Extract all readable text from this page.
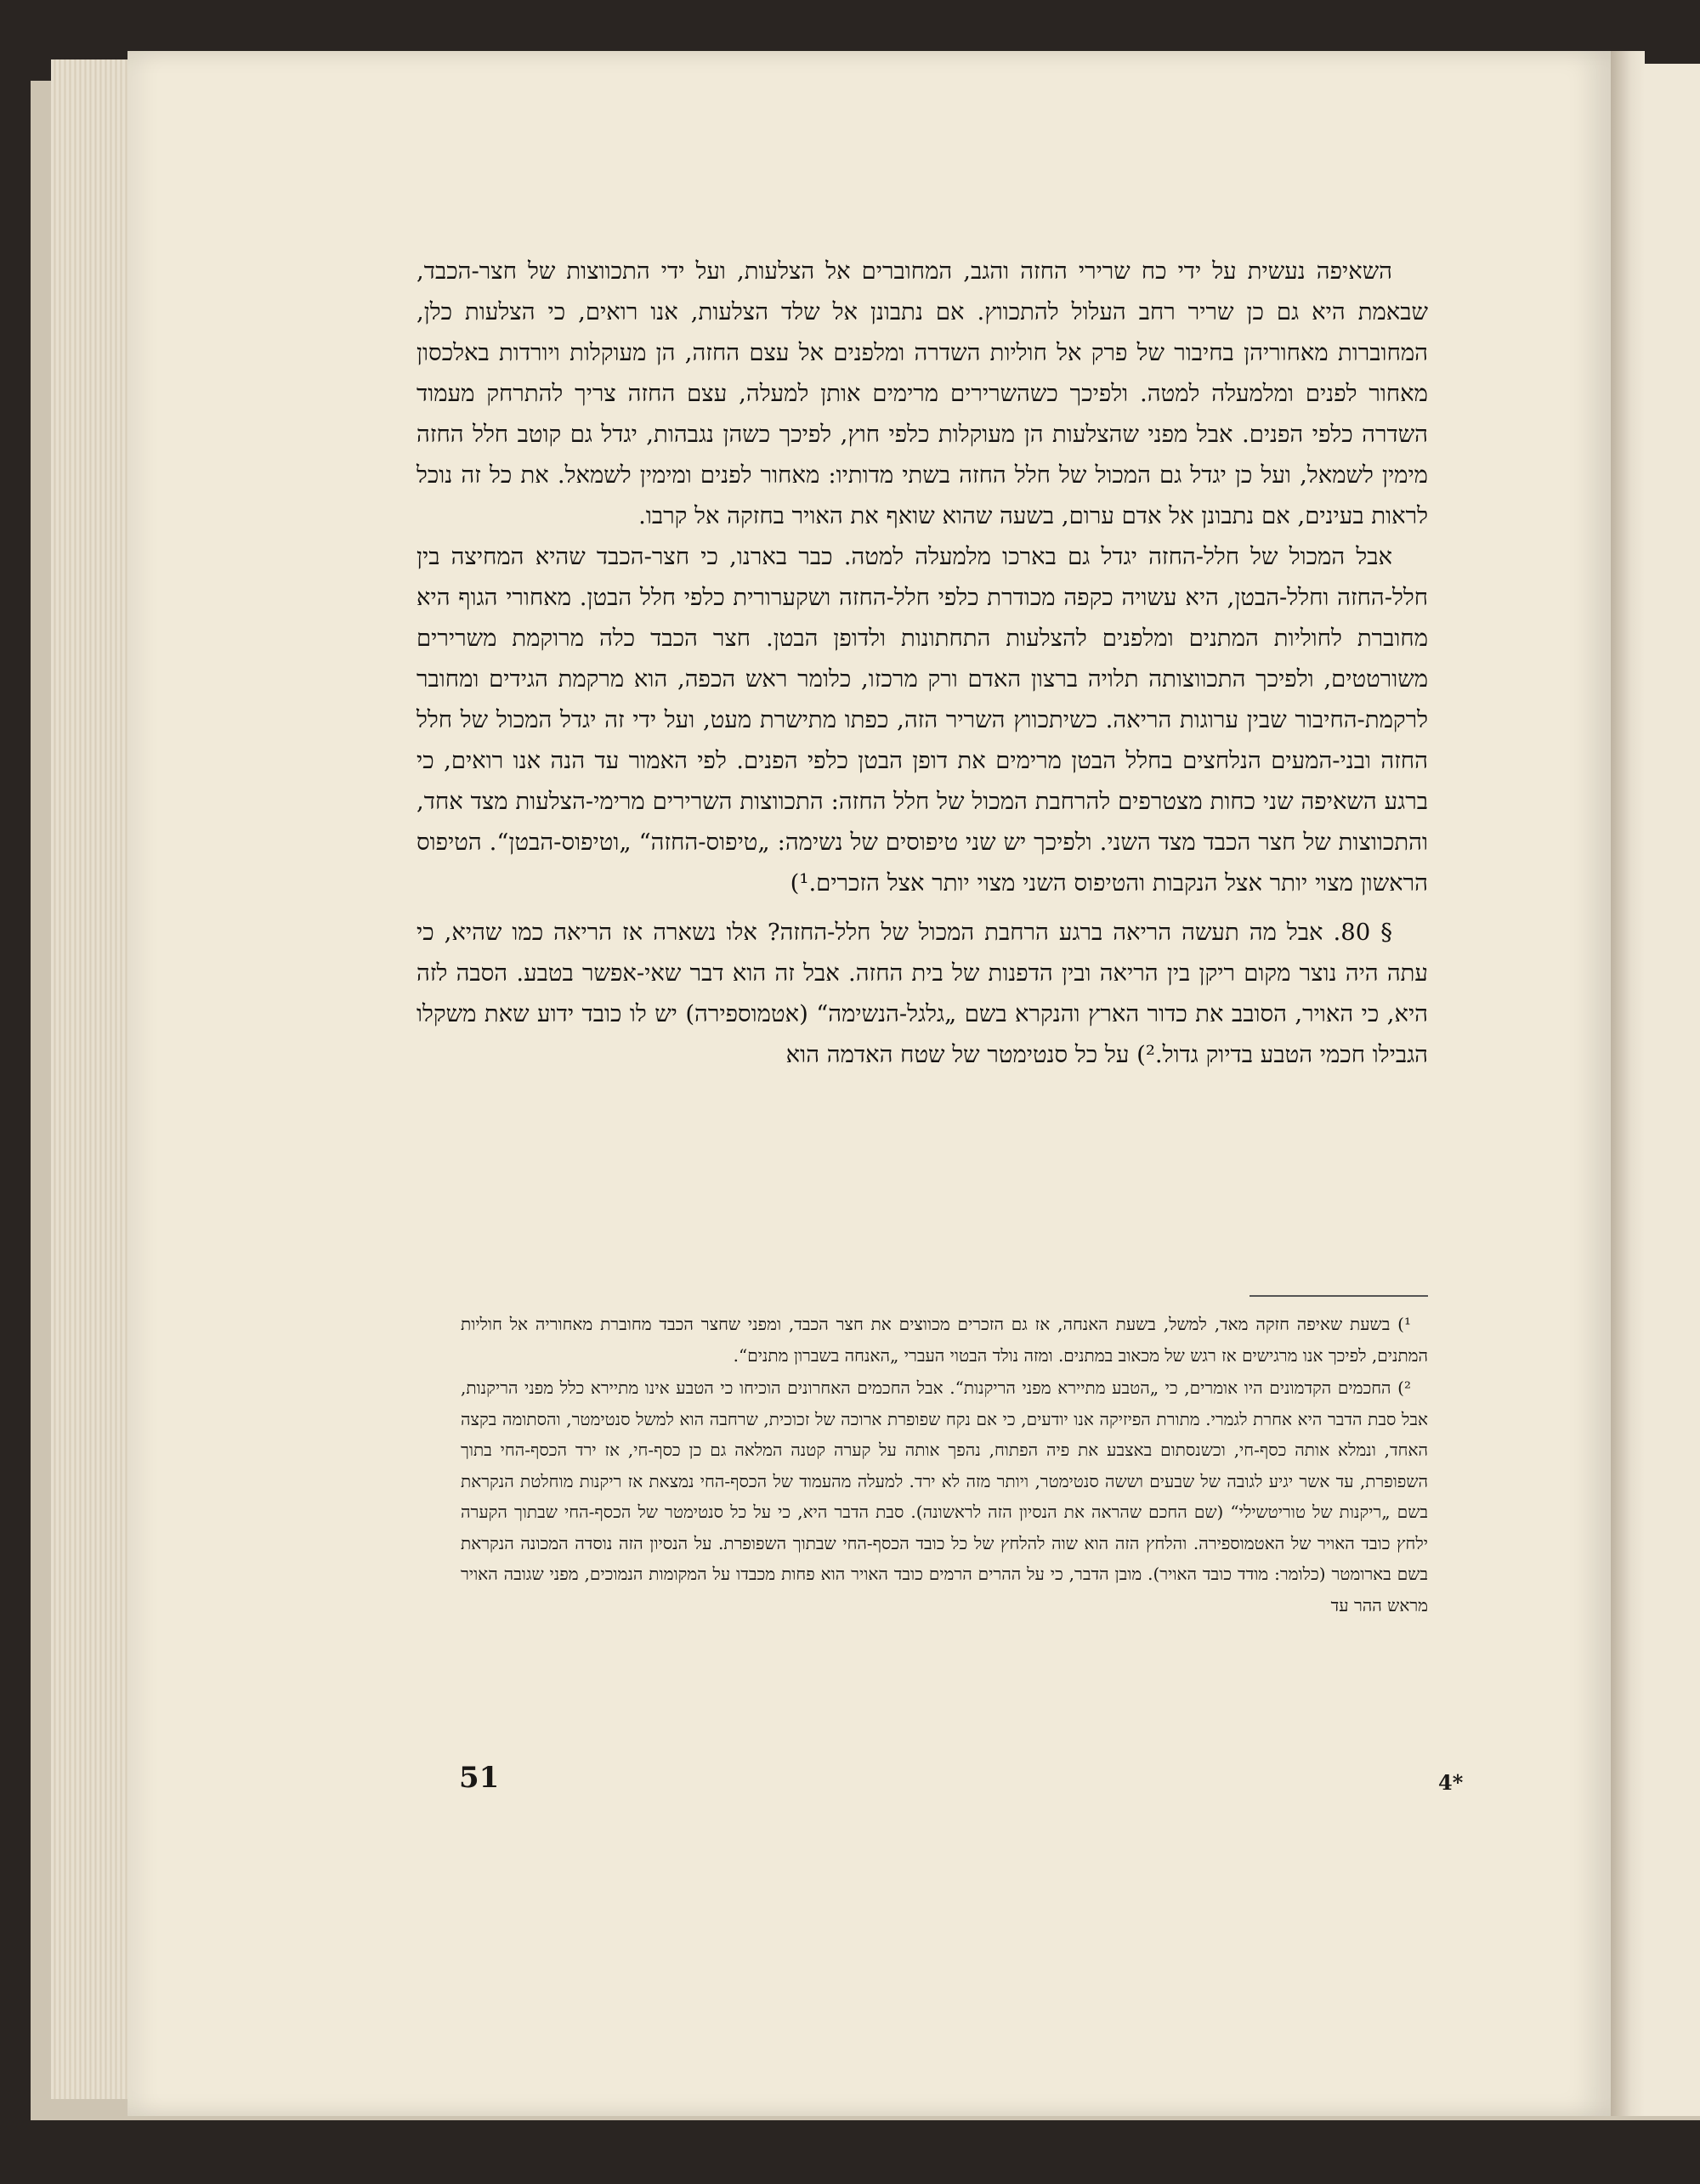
השאיפה נעשית על ידי כח שרירי החזה והגב, המחוברים אל הצלעות, ועל ידי התכווצות של חצר-הכבד, שבאמת היא גם כן שריר רחב העלול להתכווץ. אם נתבונן אל שלד הצלעות, אנו רואים, כי הצלעות כלן, המחוברות מאחוריהן בחיבור של פרק אל חוליות השדרה ומלפנים אל עצם החזה, הן מעוקלות ויורדות באלכסון מאחור לפנים ומלמעלה למטה. ולפיכך כשהשרירים מרימים אותן למעלה, עצם החזה צריך להתרחק מעמוד השדרה כלפי הפנים. אבל מפני שהצלעות הן מעוקלות כלפי חוץ, לפיכך כשהן נגבהות, יגדל גם קוטב חלל החזה מימין לשמאל, ועל כן יגדל גם המכול של חלל החזה בשתי מדותיו: מאחור לפנים ומימין לשמאל. את כל זה נוכל לראות בעינים, אם נתבונן אל אדם ערום, בשעה שהוא שואף את האויר בחזקה אל קרבו.

אבל המכול של חלל-החזה יגדל גם בארכו מלמעלה למטה. כבר בארנו, כי חצר-הכבד שהיא המחיצה בין חלל-החזה וחלל-הבטן, היא עשויה כקפה מכודרת כלפי חלל-החזה ושקערורית כלפי חלל הבטן. מאחורי הגוף היא מחוברת לחוליות המתנים ומלפנים להצלעות התחתונות ולדופן הבטן. חצר הכבד כלה מרוקמת משרירים משורטטים, ולפיכך התכווצותה תלויה ברצון האדם ורק מרכזו, כלומר ראש הכפה, הוא מרקמת הגידים ומחובר לרקמת-החיבור שבין ערוגות הריאה. כשיתכווץ השריר הזה, כפתו מתישרת מעט, ועל ידי זה יגדל המכול של חלל החזה ובני-המעים הנלחצים בחלל הבטן מרימים את דופן הבטן כלפי הפנים. לפי האמור עד הנה אנו רואים, כי ברגע השאיפה שני כחות מצטרפים להרחבת המכול של חלל החזה: התכווצות השרירים מרימי-הצלעות מצד אחד, והתכווצות של חצר הכבד מצד השני. ולפיכך יש שני טיפוסים של נשימה: „טיפוס-החזה“ „וטיפוס-הבטן“. הטיפוס הראשון מצוי יותר אצל הנקבות והטיפוס השני מצוי יותר אצל הזכרים.¹)

§ 80. אבל מה תעשה הריאה ברגע הרחבת המכול של חלל-החזה? אלו נשארה אז הריאה כמו שהיא, כי עתה היה נוצר מקום ריקן בין הריאה ובין הדפנות של בית החזה. אבל זה הוא דבר שאי-אפשר בטבע. הסבה לזה היא, כי האויר, הסובב את כדור הארץ והנקרא בשם „גלגל-הנשימה“ (אטמוספירה) יש לו כובד ידוע שאת משקלו הגבילו חכמי הטבע בדיוק גדול.²) על כל סנטימטר של שטח האדמה הוא

¹) בשעת שאיפה חזקה מאד, למשל, בשעת האנחה, אז גם הזכרים מכווצים את חצר הכבד, ומפני שחצר הכבד מחוברת מאחוריה אל חוליות המתנים, לפיכך אנו מרגישים אז רגש של מכאוב במתנים. ומזה נולד הבטוי העברי „האנחה בשברון מתנים“.

²) החכמים הקדמונים היו אומרים, כי „הטבע מתיירא מפני הריקנות“. אבל החכמים האחרונים הוכיחו כי הטבע אינו מתיירא כלל מפני הריקנות, אבל סבת הדבר היא אחרת לגמרי. מתורת הפיזיקה אנו יודעים, כי אם נקח שפופרת ארוכה של זכוכית, שרחבה הוא למשל סנטימטר, והסתומה בקצה האחד, ונמלא אותה כסף-חי, וכשנסתום באצבע את פיה הפתוח, נהפך אותה על קערה קטנה המלאה גם כן כסף-חי, אז ירד הכסף-החי בתוך השפופרת, עד אשר יגיע לגובה של שבעים וששה סנטימטר, ויותר מזה לא ירד. למעלה מהעמוד של הכסף-החי נמצאת אז ריקנות מוחלטת הנקראת בשם „ריקנות של טוריטשילי“ (שם החכם שהראה את הנסיון הזה לראשונה). סבת הדבר היא, כי על כל סנטימטר של הכסף-החי שבתוך הקערה ילחץ כובד האויר של האטמוספירה. והלחץ הזה הוא שוה להלחץ של כל כובד הכסף-החי שבתוך השפופרת. על הנסיון הזה נוסדה המכונה הנקראת בשם בארומטר (כלומר: מודד כובד האויר). מובן הדבר, כי על ההרים הרמים כובד האויר הוא פחות מכבדו על המקומות הנמוכים, מפני שגובה האויר מראש ההר עד

51	4*
